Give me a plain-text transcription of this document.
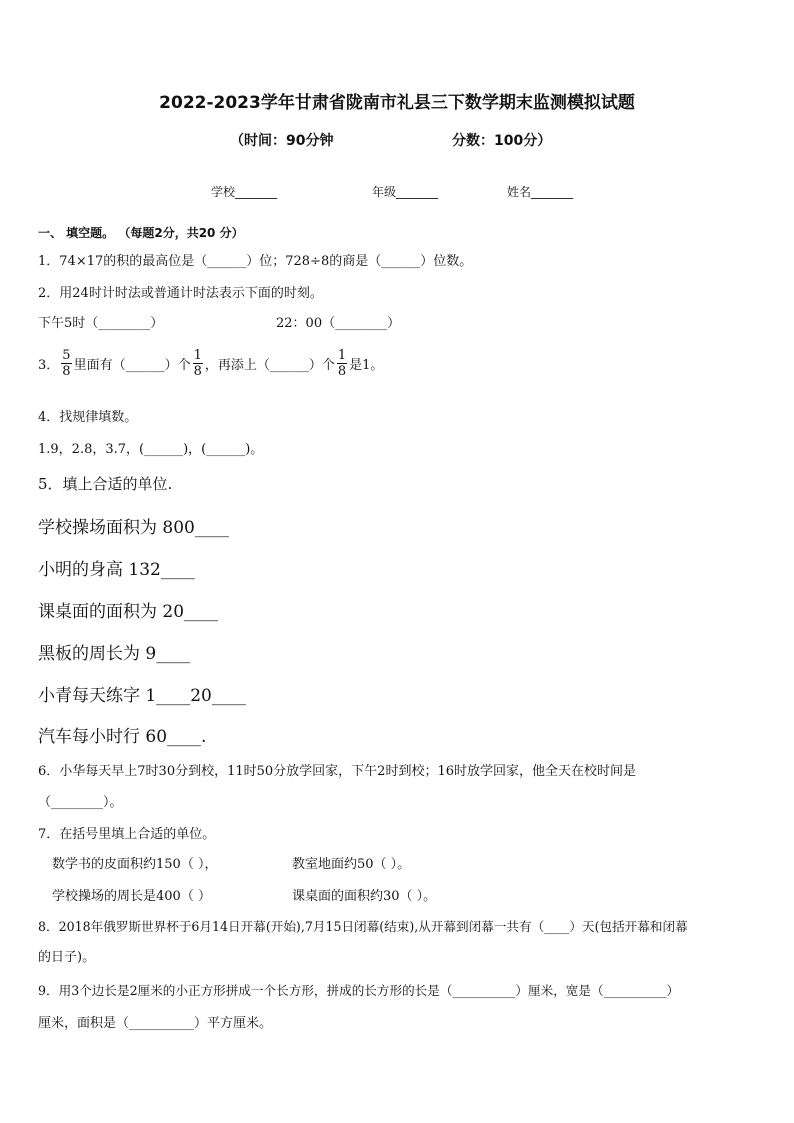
2022-2023学年甘肃省陇南市礼县三下数学期末监测模拟试题
（时间：90分钟	分数：100分）
学校_______	年级_______	姓名_______
一、 填空题。 （每题2分，共20 分）
1．74×17的积的最高位是（______）位；728÷8的商是（______）位数。
2．用24时计时法或普通计时法表示下面的时刻。
下午5时（________）	22：00（________）
3． $\frac{5}{8}$ 里面有（______）个 $\frac{1}{8}$ ，再添上（______）个 $\frac{1}{8}$ 是1。
4．找规律填数。
1.9，2.8，3.7，(______)，(______)。
5．填上合适的单位.
学校操场面积为 800____
小明的身高 132____
课桌面的面积为 20____
黑板的周长为 9____
小青每天练字 1____20____
汽车每小时行 60____.
6．小华每天早上7时30分到校，11时50分放学回家，下午2时到校；16时放学回家，他全天在校时间是
（________）。
7．在括号里填上合适的单位。
数学书的皮面积约150（ ），	教室地面约50（ ）。
学校操场的周长是400（ ）	课桌面的面积约30（ ）。
8．2018年俄罗斯世界杯于6月14日开幕(开始),7月15日闭幕(结束),从开幕到闭幕一共有（____）天(包括开幕和闭幕
的日子)。
9．用3个边长是2厘米的小正方形拼成一个长方形，拼成的长方形的长是（__________）厘米，宽是（__________）
厘米，面积是（__________）平方厘米。
